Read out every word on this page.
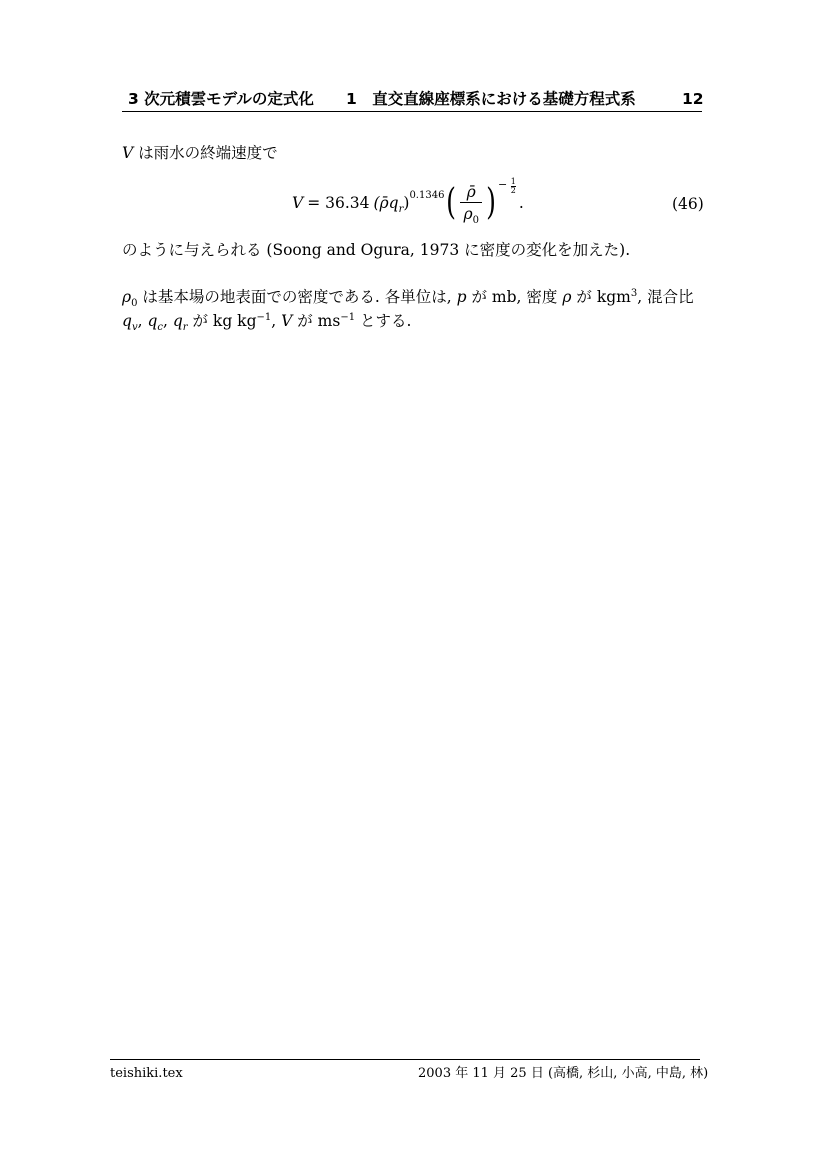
3 次元積雲モデルの定式化 1　直交直線座標系における基礎方程式系	12
V は雨水の終端速度で
V = 36.34 $(\rhōq_r)^{0.1346}$ ( $\frac{\rhō}{\rho_0}$ ) − $\frac{1}{2}$
.	(46)
のように与えられる (Soong and Ogura, 1973 に密度の変化を加えた).
$\rho_0$ は基本場の地表面での密度である. 各単位は, p が mb, 密度 ρ が kgm$^3$, 混合比
$q_v$, $q_c$, $q_r$ が kg $kg^{-1}$, V が $ms^{-1}$ とする.
teishiki.tex	2003 年 11 月 25 日 (高橋, 杉山, 小高, 中島, 林)
